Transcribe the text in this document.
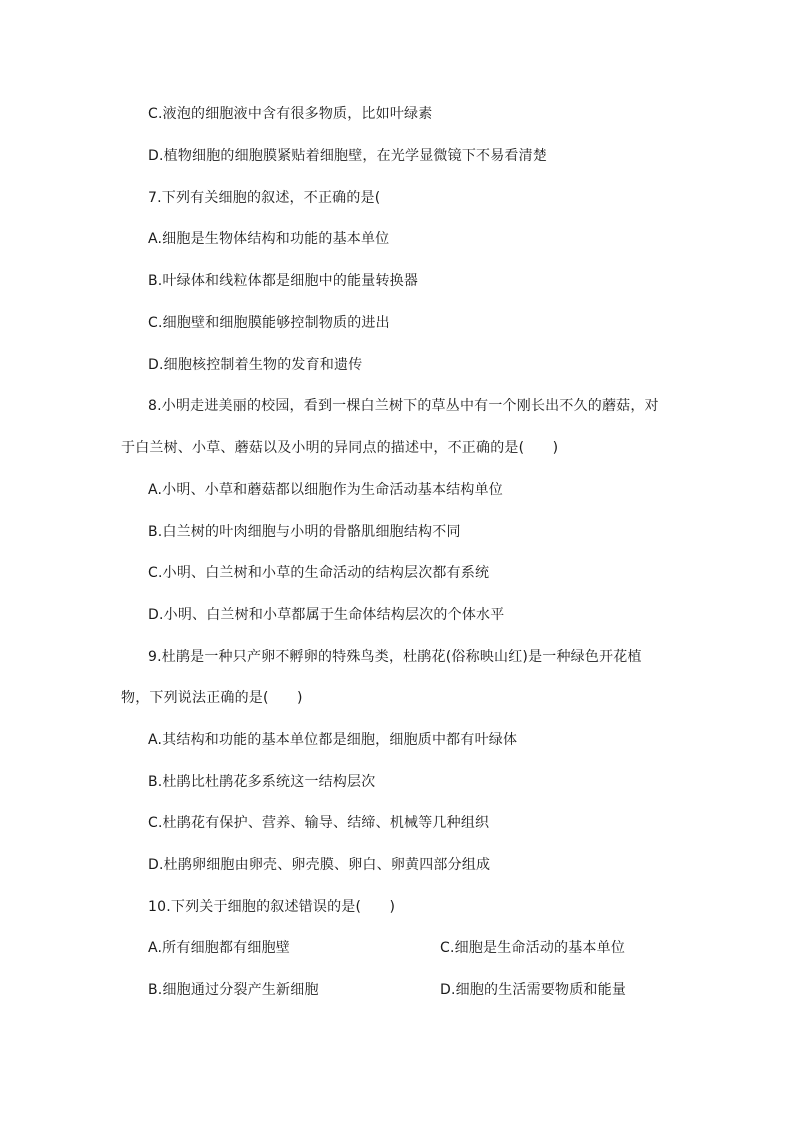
C.液泡的细胞液中含有很多物质，比如叶绿素
D.植物细胞的细胞膜紧贴着细胞壁，在光学显微镜下不易看清楚
7.下列有关细胞的叙述，不正确的是(
A.细胞是生物体结构和功能的基本单位
B.叶绿体和线粒体都是细胞中的能量转换器
C.细胞壁和细胞膜能够控制物质的进出
D.细胞核控制着生物的发育和遗传
8.小明走进美丽的校园，看到一棵白兰树下的草丛中有一个刚长出不久的蘑菇，对
于白兰树、小草、蘑菇以及小明的异同点的描述中，不正确的是(　　)
A.小明、小草和蘑菇都以细胞作为生命活动基本结构单位
B.白兰树的叶肉细胞与小明的骨骼肌细胞结构不同
C.小明、白兰树和小草的生命活动的结构层次都有系统
D.小明、白兰树和小草都属于生命体结构层次的个体水平
9.杜鹃是一种只产卵不孵卵的特殊鸟类，杜鹃花(俗称映山红)是一种绿色开花植
物，下列说法正确的是(　　)
A.其结构和功能的基本单位都是细胞，细胞质中都有叶绿体
B.杜鹃比杜鹃花多系统这一结构层次
C.杜鹃花有保护、营养、输导、结缔、机械等几种组织
D.杜鹃卵细胞由卵壳、卵壳膜、卵白、卵黄四部分组成
10.下列关于细胞的叙述错误的是(　　)
A.所有细胞都有细胞壁	C.细胞是生命活动的基本单位
B.细胞通过分裂产生新细胞	D.细胞的生活需要物质和能量
